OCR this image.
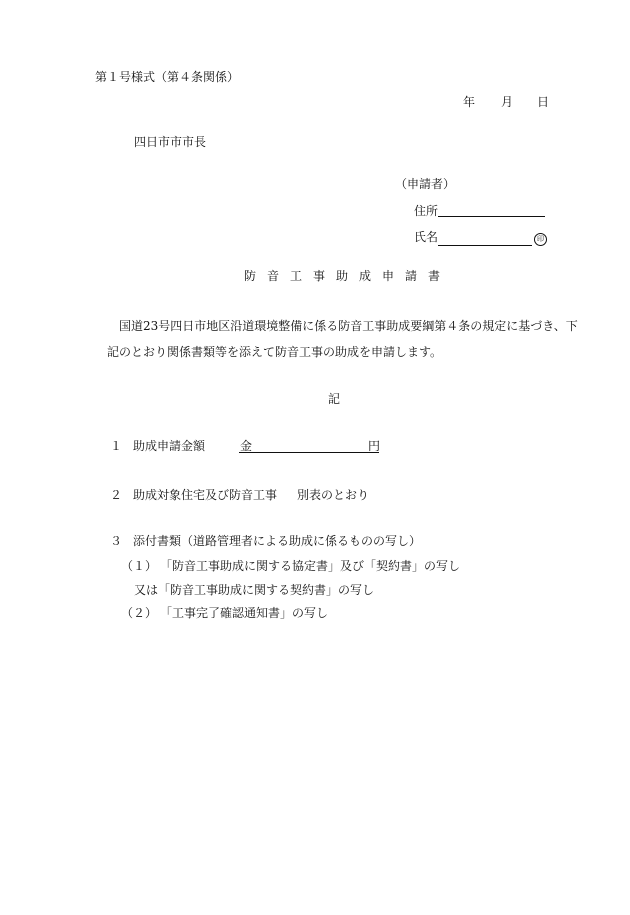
第１号様式（第４条関係）
年 月 日
四日市市市長
（申請者）
住所
氏名	印
防音工事助成申請書
国道23号四日市地区沿道環境整備に係る防音工事助成要綱第４条の規定に基づき、下
記のとおり関係書類等を添えて防音工事の助成を申請します。
記
１ 助成申請金額	金	円
２ 助成対象住宅及び防音工事 別表のとおり
３ 添付書類（道路管理者による助成に係るものの写し）
（１） 「防音工事助成に関する協定書」及び「契約書」の写し
又は「防音工事助成に関する契約書」の写し
（２） 「工事完了確認通知書」の写し
